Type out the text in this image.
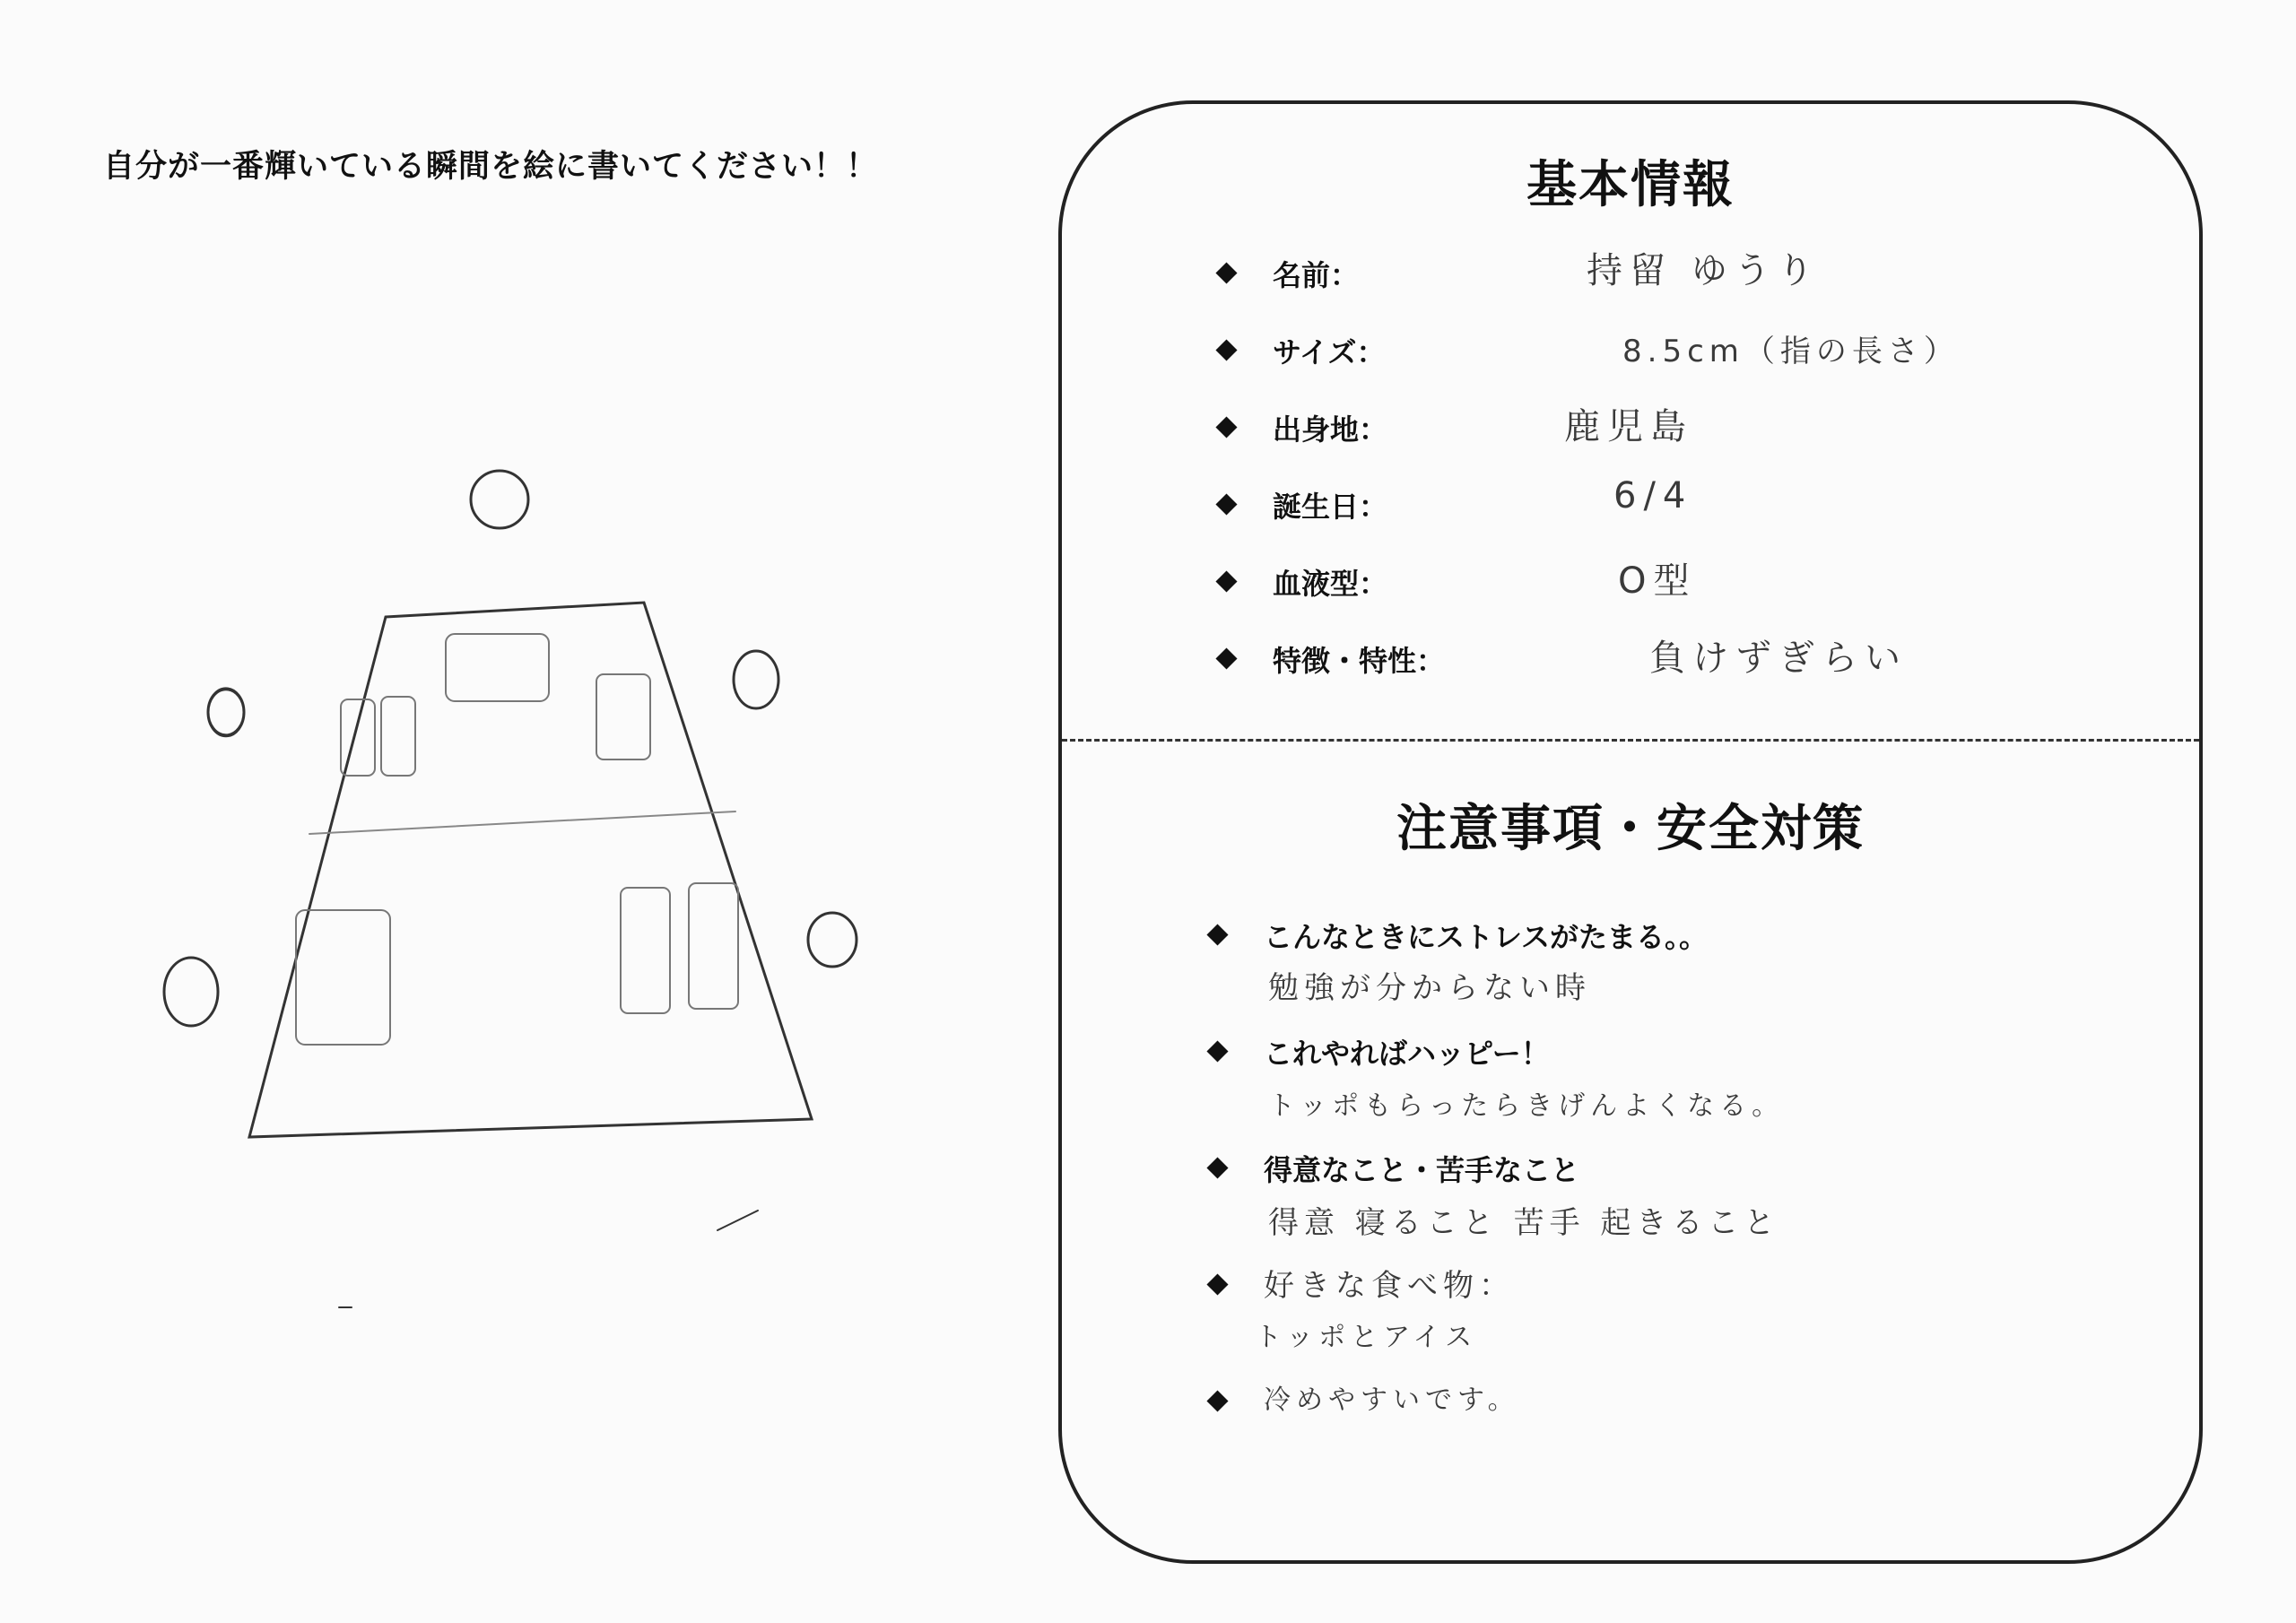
自分が一番輝いている瞬間を絵に書いてください！！	基本情報
名前：	持留 ゆうり
サイズ：	8.5cm（指の長さ）
出身地：	鹿児島
誕生日：	6/4
血液型：	O型
特徴・特性：	負けずぎらい
注意事項・安全対策
こんなときにストレスがたまる。。
勉強が分からない時
これやればハッピー！
トッポもらったらきげんよくなる。
得意なこと・苦手なこと
得意 寝ること 苦手 起きること
好きな食べ物：
トッポとアイス
冷めやすいです。
